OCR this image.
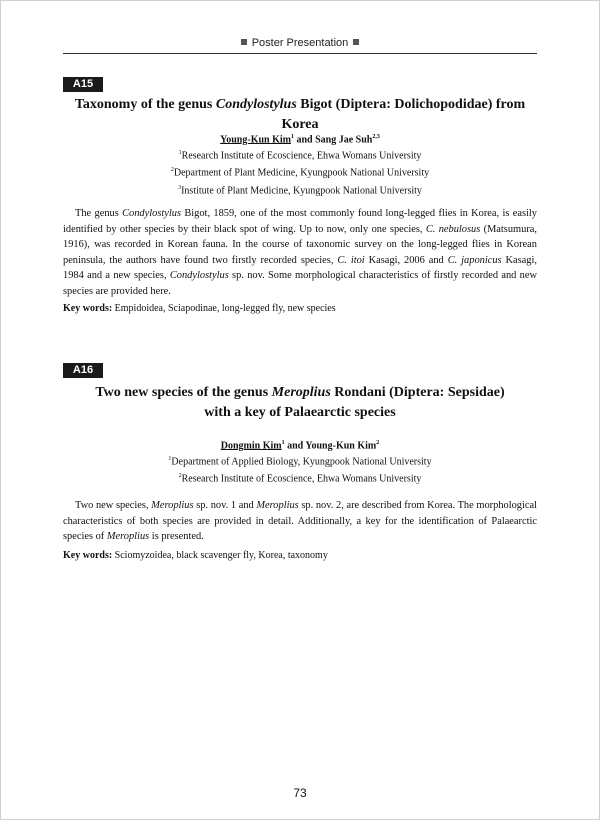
Poster Presentation
A15
Taxonomy of the genus Condylostylus Bigot (Diptera: Dolichopodidae) from Korea
Young-Kun Kim$^1$ and Sang Jae Suh$^{2,3}$
$^1$Research Institute of Ecoscience, Ehwa Womans University
$^2$Department of Plant Medicine, Kyungpook National University
$^3$Institute of Plant Medicine, Kyungpook National University
The genus Condylostylus Bigot, 1859, one of the most commonly found long-legged flies in Korea, is easily identified by other species by their black spot of wing. Up to now, only one species, C. nebulosus (Matsumura, 1916), was recorded in Korean fauna. In the course of taxonomic survey on the long-legged flies in Korean peninsula, the authors have found two firstly recorded species, C. itoi Kasagi, 2006 and C. japonicus Kasagi, 1984 and a new species, Condylostylus sp. nov. Some morphological characteristics of firstly recorded and new species are provided here.
Key words: Empidoidea, Sciapodinae, long-legged fly, new species
A16
Two new species of the genus Meroplius Rondani (Diptera: Sepsidae)
with a key of Palaearctic species
Dongmin Kim$^1$ and Young-Kun Kim$^2$
$^1$Department of Applied Biology, Kyungpook National University
$^2$Research Institute of Ecoscience, Ehwa Womans University
Two new species, Meroplius sp. nov. 1 and Meroplius sp. nov. 2, are described from Korea. The morphological characteristics of both species are provided in detail. Additionally, a key for the identification of Palaearctic species of Meroplius is presented.
Key words: Sciomyzoidea, black scavenger fly, Korea, taxonomy
73
